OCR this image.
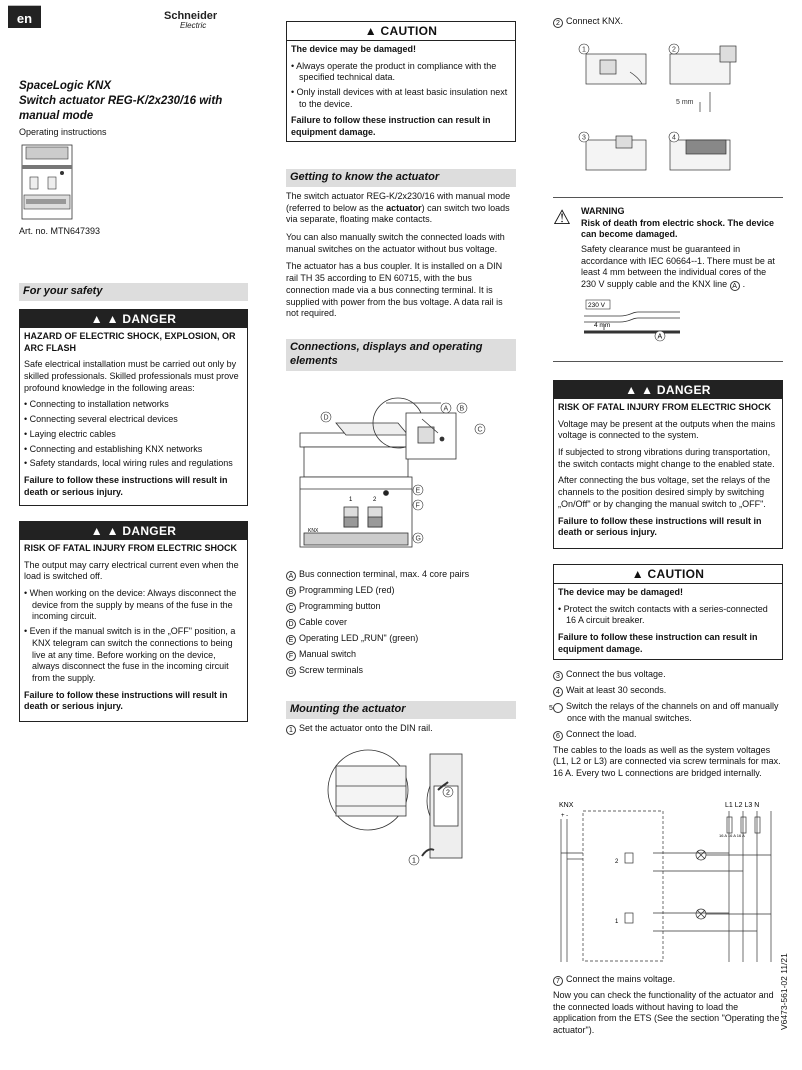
en	Schneider
Electric
SpaceLogic KNX
Switch actuator REG-K/2x230/16 with manual mode
Operating instructions
Art. no. MTN647393
For your safety
▲ ▲ DANGER

HAZARD OF ELECTRIC SHOCK, EXPLOSION, OR ARC FLASH

Safe electrical installation must be carried out only by skilled professionals. Skilled professionals must prove profound knowledge in the following areas:

• Connecting to installation networks
• Connecting several electrical devices
• Laying electric cables
• Connecting and establishing KNX networks
• Safety standards, local wiring rules and regulations

Failure to follow these instructions will result in death or serious injury.

▲ ▲ DANGER

RISK OF FATAL INJURY FROM ELECTRIC SHOCK

The output may carry electrical current even when the load is switched off.

• When working on the device: Always disconnect the device from the supply by means of the fuse in the incoming circuit.
• Even if the manual switch is in the „OFF" position, a KNX telegram can switch the connections to being live at any time. Before working on the device, always disconnect the fuse in the incoming circuit from the supply.

Failure to follow these instructions will result in death or serious injury.

▲ CAUTION

The device may be damaged!

• Always operate the product in compliance with the specified technical data.
• Only install devices with at least basic insulation next to the device.

Failure to follow these instruction can result in equipment damage.

Getting to know the actuator

The switch actuator REG-K/2x230/16 with manual mode (referred to below as the actuator) can switch two loads via separate, floating make contacts.

You can also manually switch the connected loads with manual switches on the actuator without bus voltage.

The actuator has a bus coupler. It is installed on a DIN rail TH 35 according to EN 60715, with the bus connection made via a bus connecting terminal. It is supplied with power from the bus voltage. A data rail is not required.

Connections, displays and operating elements
1	2
KNX
D
A B
C
E
F
G
A Bus connection terminal, max. 4 core pairs
B Programming LED (red)
C Programming button
D Cable cover
E Operating LED „RUN" (green)
F Manual switch
G Screw terminals
Mounting the actuator
1 Set the actuator onto the DIN rail.
1
2
2 Connect KNX.
1	2
3	4
5 mm
⚠ WARNING
Risk of death from electric shock. The device can become damaged.
Safety clearance must be guaranteed in accordance with IEC 60664--1. There must be at least 4 mm between the individual cores of the 230 V supply cable and the KNX line A .
230 V
4 mm
A
▲ ▲ DANGER

RISK OF FATAL INJURY FROM ELECTRIC SHOCK

Voltage may be present at the outputs when the mains voltage is connected to the system.

If subjected to strong vibrations during transportation, the switch contacts might change to the enabled state.

After connecting the bus voltage, set the relays of the channels to the position desired simply by switching „On/Off" or by changing the manual switch to „OFF".

Failure to follow these instructions will result in death or serious injury.

▲ CAUTION

The device may be damaged!

• Protect the switch contacts with a series-connected 16 A circuit breaker.

Failure to follow these instruction can result in equipment damage.

3 Connect the bus voltage.
4 Wait at least 30 seconds.
5 Switch the relays of the channels on and off manually once with the manual switches.
6 Connect the load.
The cables to the loads as well as the system voltages (L1, L2 or L3) are connected via screw terminals for max. 16 A. Every two L connections are bridged internally.
KNX
+ -
L1 L2 L3 N
16 A 16 A 16 A
2
1
7 Connect the mains voltage.
Now you can check the functionality of the actuator and the connected loads without having to load the application from the ETS (See the section "Operating the actuator").
V6473-561-02 11/21
